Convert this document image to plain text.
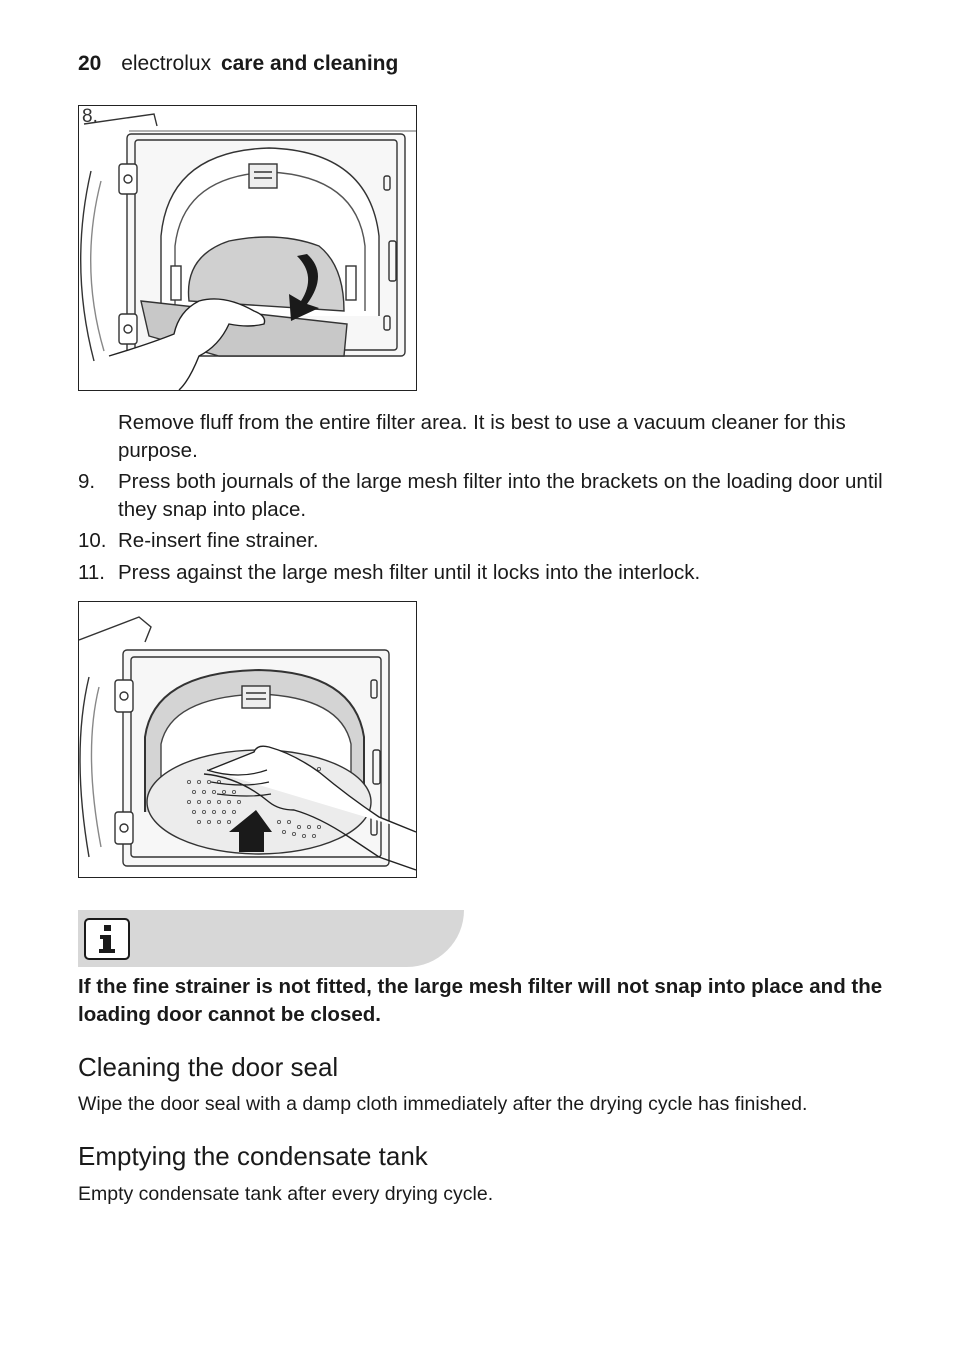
20 electrolux care and cleaning
8.
Remove fluff from the entire filter area. It is best to use a vacuum cleaner for this purpose.
9. Press both journals of the large mesh filter into the brackets on the loading door until they snap into place.
10. Re-insert fine strainer.
11. Press against the large mesh filter until it locks into the interlock.
If the fine strainer is not fitted, the large mesh filter will not snap into place and the loading door cannot be closed.
Cleaning the door seal
Wipe the door seal with a damp cloth immediately after the drying cycle has finished.
Emptying the condensate tank
Empty condensate tank after every drying cycle.
